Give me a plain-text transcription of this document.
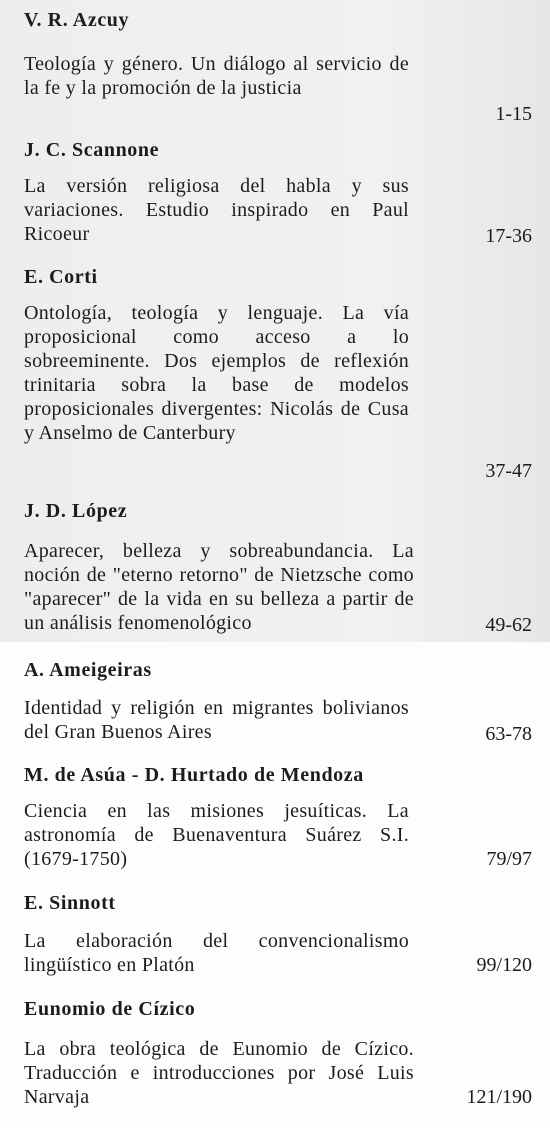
V. R. Azcuy
Teología y género. Un diálogo al servicio de la fe y la promoción de la justicia
1-15
J. C. Scannone
La versión religiosa del habla y sus variaciones. Estudio inspirado en Paul Ricoeur	17-36
E. Corti
Ontología, teología y lenguaje. La vía proposicional como acceso a lo sobreeminente. Dos ejemplos de reflexión trinitaria sobra la base de modelos proposicionales divergentes: Nicolás de Cusa y Anselmo de Canterbury
37-47
J. D. López
Aparecer, belleza y sobreabundancia. La noción de "eterno retorno" de Nietzsche como "aparecer" de la vida en su belleza a partir de un análisis fenomenológico	49-62
A. Ameigeiras
Identidad y religión en migrantes bolivianos del Gran Buenos Aires	63-78
M. de Asúa - D. Hurtado de Mendoza
Ciencia en las misiones jesuíticas. La astronomía de Buenaventura Suárez S.I. (1679-1750)	79/97
E. Sinnott
La elaboración del convencionalismo lingüístico en Platón	99/120
Eunomio de Cízico
La obra teológica de Eunomio de Cízico. Traducción e introducciones por José Luis Narvaja	121/190
